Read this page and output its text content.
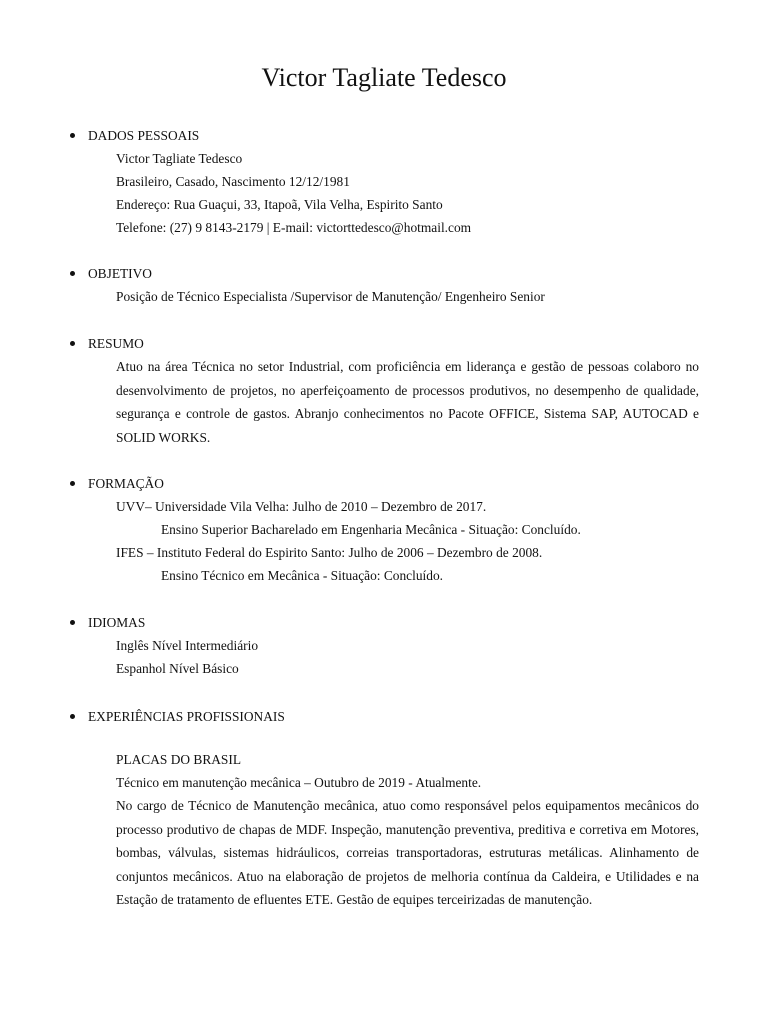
Victor Tagliate Tedesco
DADOS PESSOAIS
Victor Tagliate Tedesco
Brasileiro, Casado, Nascimento 12/12/1981
Endereço: Rua Guaçui, 33, Itapoã, Vila Velha, Espirito Santo
Telefone: (27) 9 8143-2179 | E-mail: victorttedesco@hotmail.com
OBJETIVO
Posição de Técnico Especialista /Supervisor de Manutenção/ Engenheiro Senior
RESUMO
Atuo na área Técnica no setor Industrial, com proficiência em liderança e gestão de pessoas colaboro no desenvolvimento de projetos, no aperfeiçoamento de processos produtivos, no desempenho de qualidade, segurança e controle de gastos. Abranjo conhecimentos no Pacote OFFICE, Sistema SAP, AUTOCAD e SOLID WORKS.
FORMAÇÃO
UVV– Universidade Vila Velha: Julho de 2010 – Dezembro de 2017.
Ensino Superior Bacharelado em Engenharia Mecânica - Situação: Concluído.
IFES – Instituto Federal do Espirito Santo: Julho de 2006 – Dezembro de 2008.
Ensino Técnico em Mecânica - Situação: Concluído.
IDIOMAS
Inglês Nível Intermediário
Espanhol Nível Básico
EXPERIÊNCIAS PROFISSIONAIS
PLACAS DO BRASIL
Técnico em manutenção mecânica – Outubro de 2019 - Atualmente.
No cargo de Técnico de Manutenção mecânica, atuo como responsável pelos equipamentos mecânicos do processo produtivo de chapas de MDF. Inspeção, manutenção preventiva, preditiva e corretiva em Motores, bombas, válvulas, sistemas hidráulicos, correias transportadoras, estruturas metálicas. Alinhamento de conjuntos mecânicos. Atuo na elaboração de projetos de melhoria contínua da Caldeira, e Utilidades e na Estação de tratamento de efluentes ETE. Gestão de equipes terceirizadas de manutenção.
